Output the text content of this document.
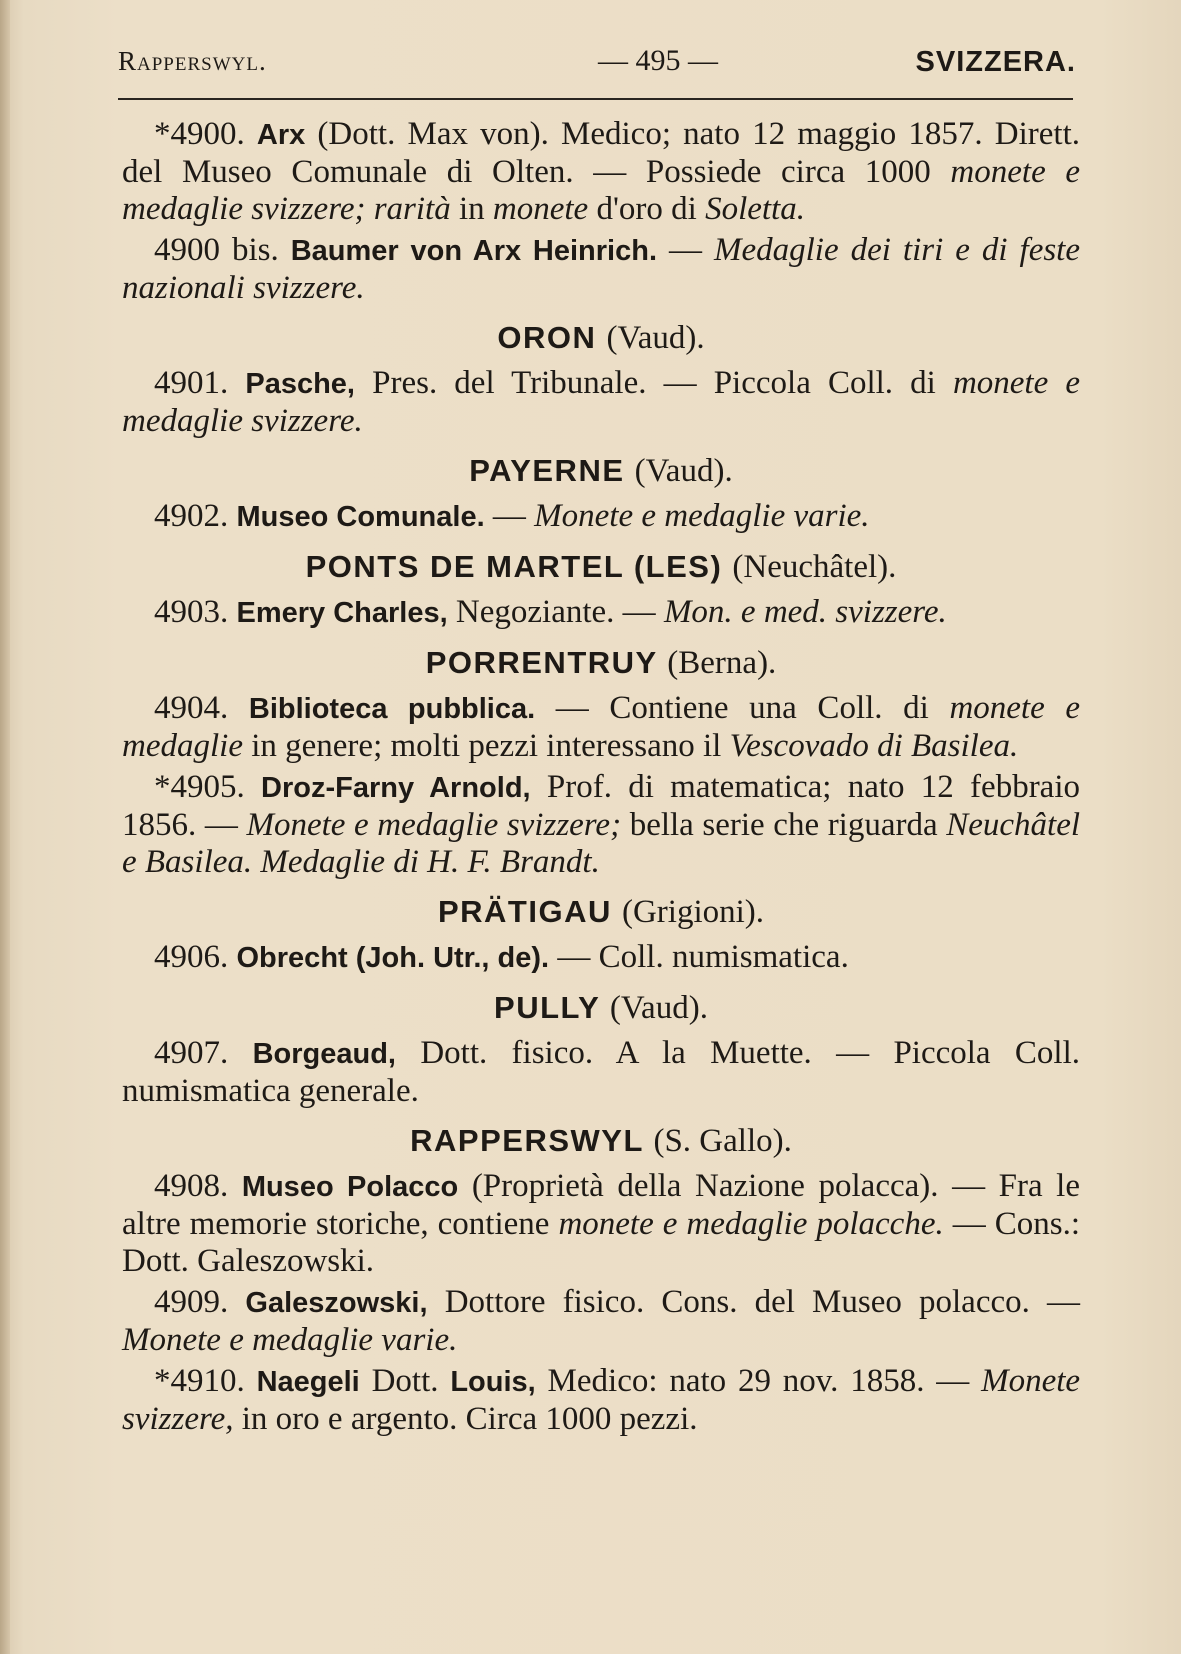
Rapperswyl.	— 495 —	SVIZZERA.

*4900. Arx (Dott. Max von). Medico; nato 12 maggio 1857. Dirett. del Museo Comunale di Olten. — Possiede circa 1000 monete e medaglie svizzere; rarità in monete d'oro di Soletta.

4900 bis. Baumer von Arx Heinrich. — Medaglie dei tiri e di feste nazionali svizzere.

ORON (Vaud).

4901. Pasche, Pres. del Tribunale. — Piccola Coll. di monete e medaglie svizzere.

PAYERNE (Vaud).

4902. Museo Comunale. — Monete e medaglie varie.

PONTS DE MARTEL (LES) (Neuchâtel).

4903. Emery Charles, Negoziante. — Mon. e med. svizzere.

PORRENTRUY (Berna).

4904. Biblioteca pubblica. — Contiene una Coll. di monete e medaglie in genere; molti pezzi interessano il Vescovado di Basilea.

*4905. Droz-Farny Arnold, Prof. di matematica; nato 12 febbraio 1856. — Monete e medaglie svizzere; bella serie che riguarda Neuchâtel e Basilea. Medaglie di H. F. Brandt.

PRÄTIGAU (Grigioni).

4906. Obrecht (Joh. Utr., de). — Coll. numismatica.

PULLY (Vaud).

4907. Borgeaud, Dott. fisico. A la Muette. — Piccola Coll. numismatica generale.

RAPPERSWYL (S. Gallo).

4908. Museo Polacco (Proprietà della Nazione polacca). — Fra le altre memorie storiche, contiene monete e medaglie polacche. — Cons.: Dott. Galeszowski.

4909. Galeszowski, Dottore fisico. Cons. del Museo polacco. — Monete e medaglie varie.

*4910. Naegeli Dott. Louis, Medico: nato 29 nov. 1858. — Monete svizzere, in oro e argento. Circa 1000 pezzi.
